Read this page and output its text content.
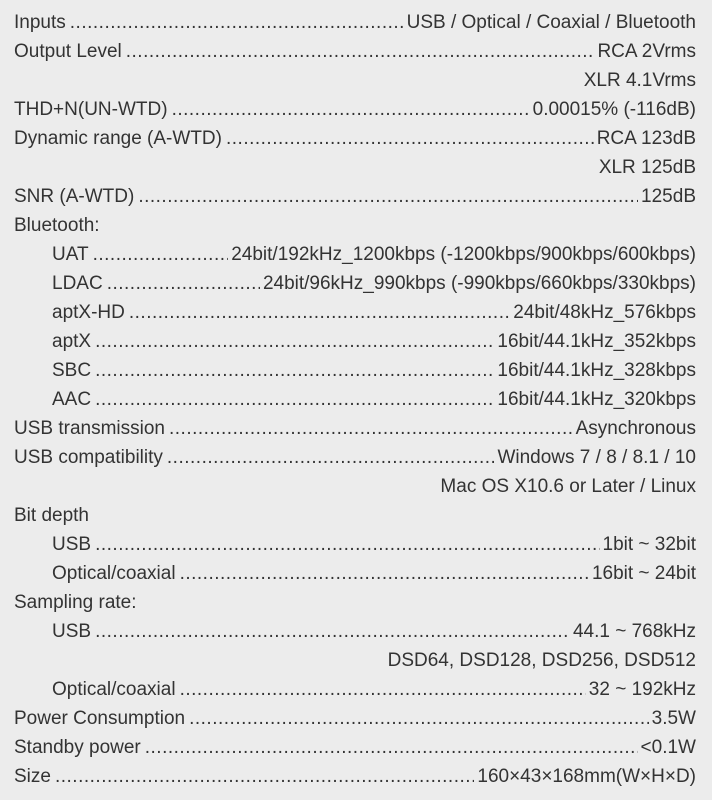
Inputs .....	USB / Optical / Coaxial / Bluetooth
Output Level .....	RCA 2Vrms
XLR 4.1Vrms
THD+N(UN-WTD) .....	0.00015% (-116dB)
Dynamic range (A-WTD) .....	RCA 123dB
XLR 125dB
SNR (A-WTD) .....	125dB
Bluetooth:
UAT .....	24bit/192kHz_1200kbps (-1200kbps/900kbps/600kbps)
LDAC .....	24bit/96kHz_990kbps (-990kbps/660kbps/330kbps)
aptX-HD .....	24bit/48kHz_576kbps
aptX .....	16bit/44.1kHz_352kbps
SBC .....	16bit/44.1kHz_328kbps
AAC .....	16bit/44.1kHz_320kbps
USB transmission .....	Asynchronous
USB compatibility .....	Windows 7 / 8 / 8.1 / 10
Mac OS X10.6 or Later / Linux
Bit depth
USB .....	1bit ~ 32bit
Optical/coaxial .....	16bit ~ 24bit
Sampling rate:
USB .....	44.1 ~ 768kHz
DSD64, DSD128, DSD256, DSD512
Optical/coaxial .....	32 ~ 192kHz
Power Consumption .....	3.5W
Standby power .....	<0.1W
Size .....	160×43×168mm(W×H×D)
